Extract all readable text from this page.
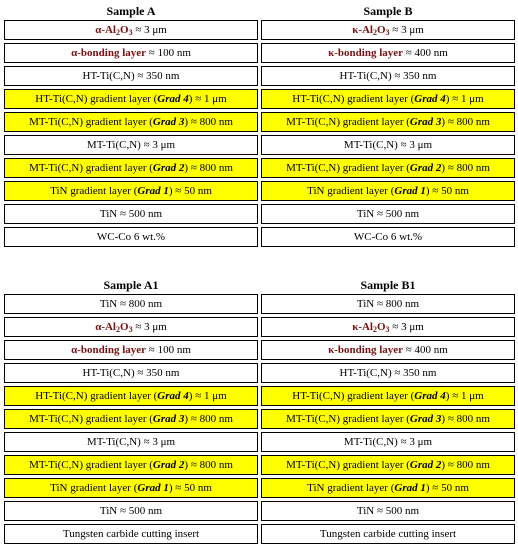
Sample A
$\alpha-Al_2O_3$
≈ 3 μm
α-bonding layer
≈ 100 nm
HT-Ti(C,N) ≈ 350 nm
HT-Ti(C,N) gradient layer ( Grad 4 ) ≈ 1 μm
MT-Ti(C,N) gradient layer ( Grad 3 ) ≈ 800 nm
MT-Ti(C,N) ≈ 3 μm
MT-Ti(C,N) gradient layer ( Grad 2 ) ≈ 800 nm
TiN gradient layer ( Grad 1 ) ≈ 50 nm
TiN ≈ 500 nm
WC-Co 6 wt.%
Sample B
$\kappa-Al_2O_3$
≈ 3 μm
κ-bonding layer
≈ 400 nm
HT-Ti(C,N) ≈ 350 nm
HT-Ti(C,N) gradient layer ( Grad 4 ) ≈ 1 μm
MT-Ti(C,N) gradient layer ( Grad 3 ) ≈ 800 nm
MT-Ti(C,N) ≈ 3 μm
MT-Ti(C,N) gradient layer ( Grad 2 ) ≈ 800 nm
TiN gradient layer ( Grad 1 ) ≈ 50 nm
TiN ≈ 500 nm
WC-Co 6 wt.%
Sample A1
TiN ≈ 800 nm
$\alpha-Al_2O_3$
≈ 3 μm
α-bonding layer
≈ 100 nm
HT-Ti(C,N) ≈ 350 nm
HT-Ti(C,N) gradient layer ( Grad 4 ) ≈ 1 μm
MT-Ti(C,N) gradient layer ( Grad 3 ) ≈ 800 nm
MT-Ti(C,N) ≈ 3 μm
MT-Ti(C,N) gradient layer ( Grad 2 ) ≈ 800 nm
TiN gradient layer ( Grad 1 ) ≈ 50 nm
TiN ≈ 500 nm
Tungsten carbide cutting insert
Sample B1
TiN ≈ 800 nm
$\kappa-Al_2O_3$
≈ 3 μm
κ-bonding layer
≈ 400 nm
HT-Ti(C,N) ≈ 350 nm
HT-Ti(C,N) gradient layer ( Grad 4 ) ≈ 1 μm
MT-Ti(C,N) gradient layer ( Grad 3 ) ≈ 800 nm
MT-Ti(C,N) ≈ 3 μm
MT-Ti(C,N) gradient layer ( Grad 2 ) ≈ 800 nm
TiN gradient layer ( Grad 1 ) ≈ 50 nm
TiN ≈ 500 nm
Tungsten carbide cutting insert
